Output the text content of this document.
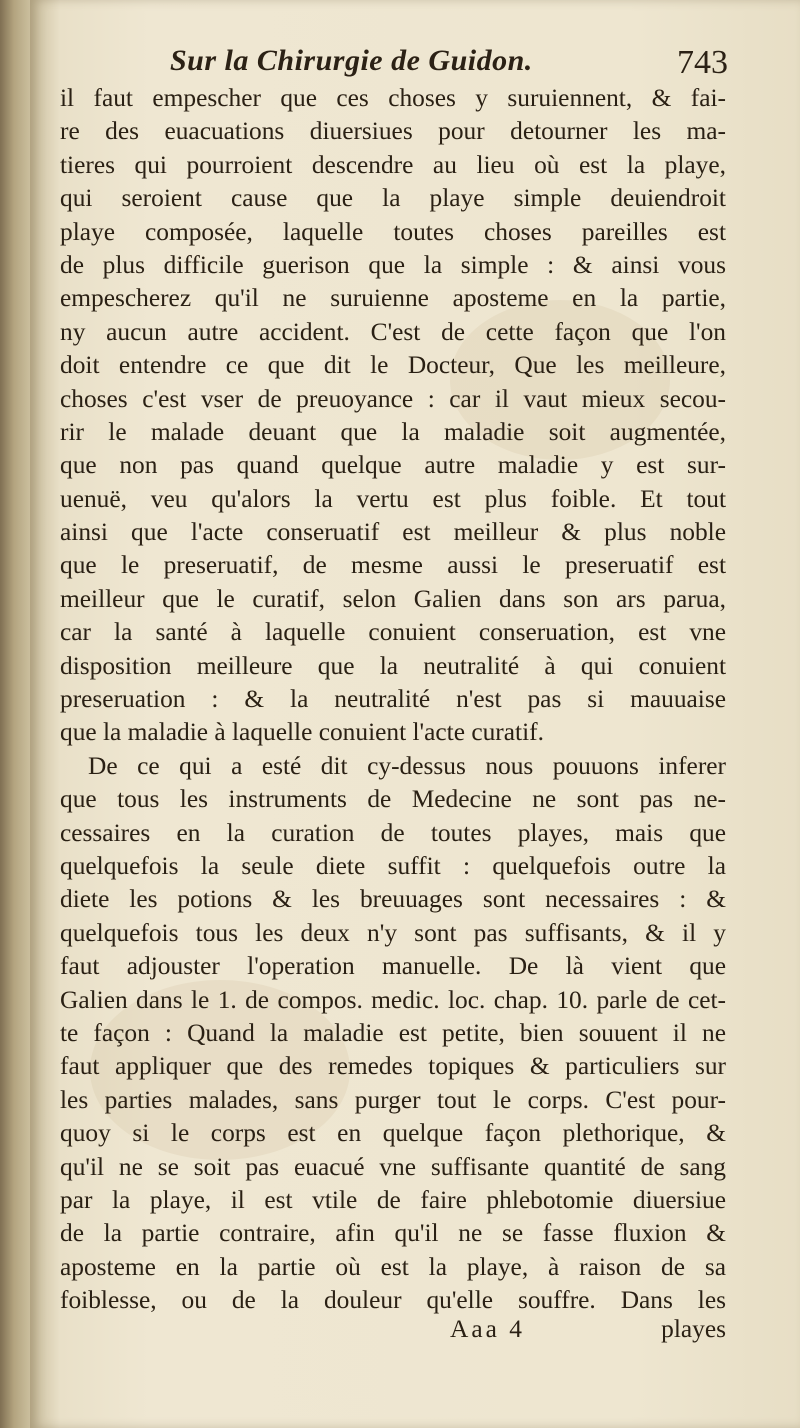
Sur la Chirurgie de Guidon.	743
il faut empescher que ces choses y suruiennent, & fai-
re des euacuations diuersiues pour detourner les ma-
tieres qui pourroient descendre au lieu où est la playe,
qui seroient cause que la playe simple deuiendroit
playe composée, laquelle toutes choses pareilles est
de plus difficile guerison que la simple : & ainsi vous
empescherez qu'il ne suruienne aposteme en la partie,
ny aucun autre accident. C'est de cette façon que l'on
doit entendre ce que dit le Docteur, Que les meilleure,
choses c'est vser de preuoyance : car il vaut mieux secou-
rir le malade deuant que la maladie soit augmentée,
que non pas quand quelque autre maladie y est sur-
uenuë, veu qu'alors la vertu est plus foible. Et tout
ainsi que l'acte conseruatif est meilleur & plus noble
que le preseruatif, de mesme aussi le preseruatif est
meilleur que le curatif, selon Galien dans son ars parua,
car la santé à laquelle conuient conseruation, est vne
disposition meilleure que la neutralité à qui conuient
preseruation : & la neutralité n'est pas si mauuaise
que la maladie à laquelle conuient l'acte curatif.
De ce qui a esté dit cy-dessus nous pouuons inferer
que tous les instruments de Medecine ne sont pas ne-
cessaires en la curation de toutes playes, mais que
quelquefois la seule diete suffit : quelquefois outre la
diete les potions & les breuuages sont necessaires : &
quelquefois tous les deux n'y sont pas suffisants, & il y
faut adjouster l'operation manuelle. De là vient que
Galien dans le 1. de compos. medic. loc. chap. 10. parle de cet-
te façon : Quand la maladie est petite, bien souuent il ne
faut appliquer que des remedes topiques & particuliers sur
les parties malades, sans purger tout le corps. C'est pour-
quoy si le corps est en quelque façon plethorique, &
qu'il ne se soit pas euacué vne suffisante quantité de sang
par la playe, il est vtile de faire phlebotomie diuersiue
de la partie contraire, afin qu'il ne se fasse fluxion &
aposteme en la partie où est la playe, à raison de sa
foiblesse, ou de la douleur qu'elle souffre. Dans les
Aaa 4	playes
